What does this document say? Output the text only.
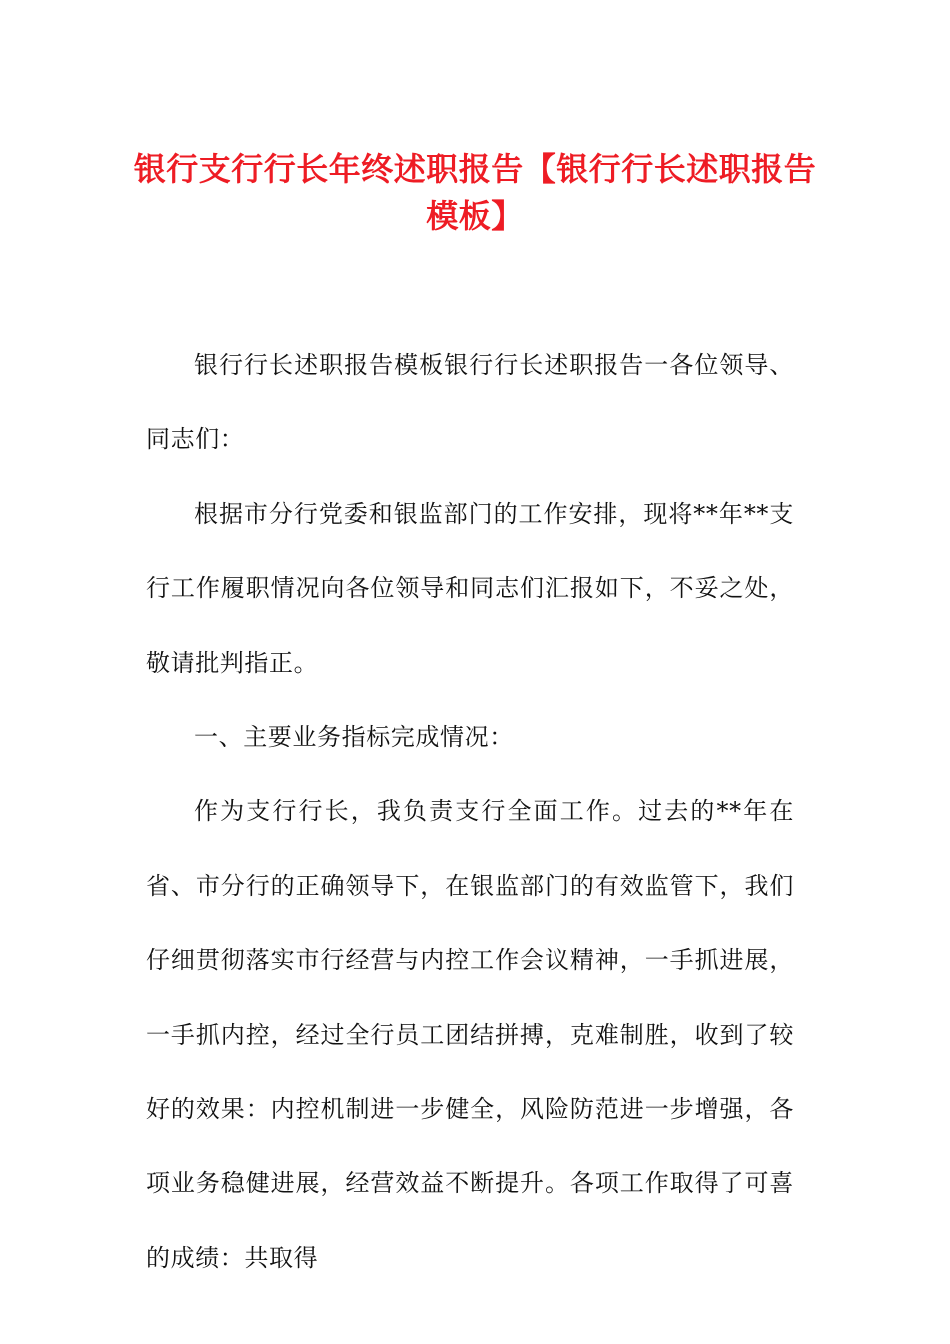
银行支行行长年终述职报告【银行行长述职报告模板】

银行行长述职报告模板银行行长述职报告一各位领导、同志们：

根据市分行党委和银监部门的工作安排，现将**年**支行工作履职情况向各位领导和同志们汇报如下，不妥之处，敬请批判指正。

一、主要业务指标完成情况：

作为支行行长，我负责支行全面工作。过去的**年在省、市分行的正确领导下，在银监部门的有效监管下，我们仔细贯彻落实市行经营与内控工作会议精神，一手抓进展，一手抓内控，经过全行员工团结拼搏，克难制胜，收到了较好的效果：内控机制进一步健全，风险防范进一步增强，各项业务稳健进展，经营效益不断提升。各项工作取得了可喜的成绩：共取得
